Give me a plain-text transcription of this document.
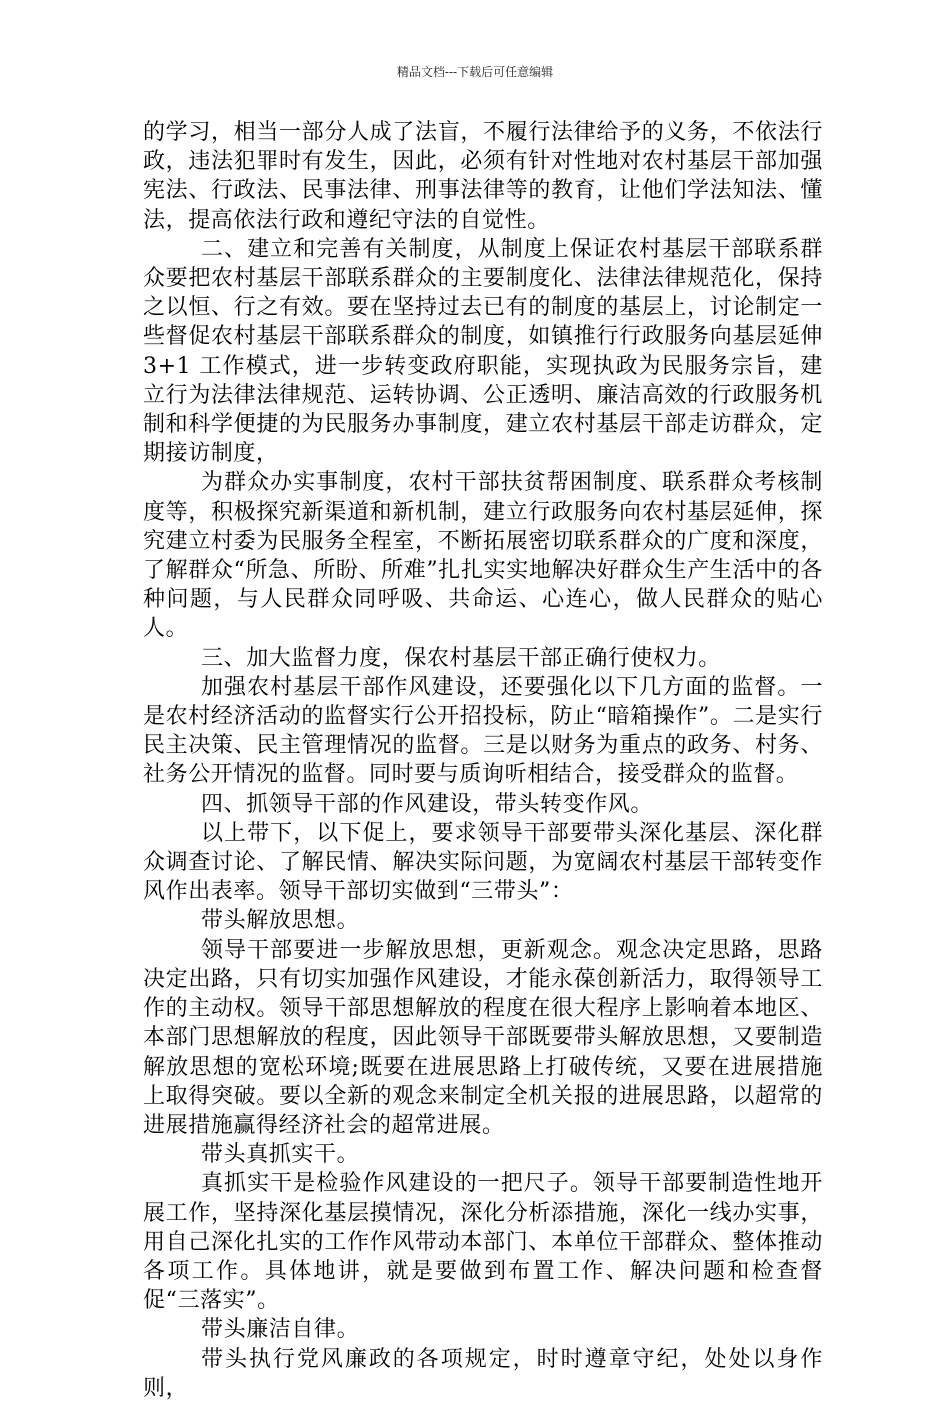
精品文档---下载后可任意编辑

的学习，相当一部分人成了法盲，不履行法律给予的义务，不依法行政，违法犯罪时有发生，因此，必须有针对性地对农村基层干部加强宪法、行政法、民事法律、刑事法律等的教育，让他们学法知法、懂法，提高依法行政和遵纪守法的自觉性。

二、建立和完善有关制度，从制度上保证农村基层干部联系群众要把农村基层干部联系群众的主要制度化、法律法律规范化，保持之以恒、行之有效。要在坚持过去已有的制度的基层上，讨论制定一些督促农村基层干部联系群众的制度，如镇推行行政服务向基层延伸 3+1 工作模式，进一步转变政府职能，实现执政为民服务宗旨，建立行为法律法律规范、运转协调、公正透明、廉洁高效的行政服务机制和科学便捷的为民服务办事制度，建立农村基层干部走访群众，定期接访制度，

为群众办实事制度，农村干部扶贫帮困制度、联系群众考核制度等，积极探究新渠道和新机制，建立行政服务向农村基层延伸，探究建立村委为民服务全程室，不断拓展密切联系群众的广度和深度，了解群众“所急、所盼、所难”扎扎实实地解决好群众生产生活中的各种问题，与人民群众同呼吸、共命运、心连心，做人民群众的贴心人。

三、加大监督力度，保农村基层干部正确行使权力。

加强农村基层干部作风建设，还要强化以下几方面的监督。一是农村经济活动的监督实行公开招投标，防止“暗箱操作”。二是实行民主决策、民主管理情况的监督。三是以财务为重点的政务、村务、社务公开情况的监督。同时要与质询听相结合，接受群众的监督。

四、抓领导干部的作风建设，带头转变作风。

以上带下，以下促上，要求领导干部要带头深化基层、深化群众调查讨论、了解民情、解决实际问题，为宽阔农村基层干部转变作风作出表率。领导干部切实做到“三带头”：

带头解放思想。

领导干部要进一步解放思想，更新观念。观念决定思路，思路决定出路，只有切实加强作风建设，才能永葆创新活力，取得领导工作的主动权。领导干部思想解放的程度在很大程序上影响着本地区、本部门思想解放的程度，因此领导干部既要带头解放思想，又要制造解放思想的宽松环境;既要在进展思路上打破传统，又要在进展措施上取得突破。要以全新的观念来制定全机关报的进展思路，以超常的进展措施赢得经济社会的超常进展。

带头真抓实干。

真抓实干是检验作风建设的一把尺子。领导干部要制造性地开展工作，坚持深化基层摸情况，深化分析添措施，深化一线办实事，用自己深化扎实的工作作风带动本部门、本单位干部群众、整体推动各项工作。具体地讲，就是要做到布置工作、解决问题和检查督促“三落实”。

带头廉洁自律。

带头执行党风廉政的各项规定，时时遵章守纪，处处以身作则，
